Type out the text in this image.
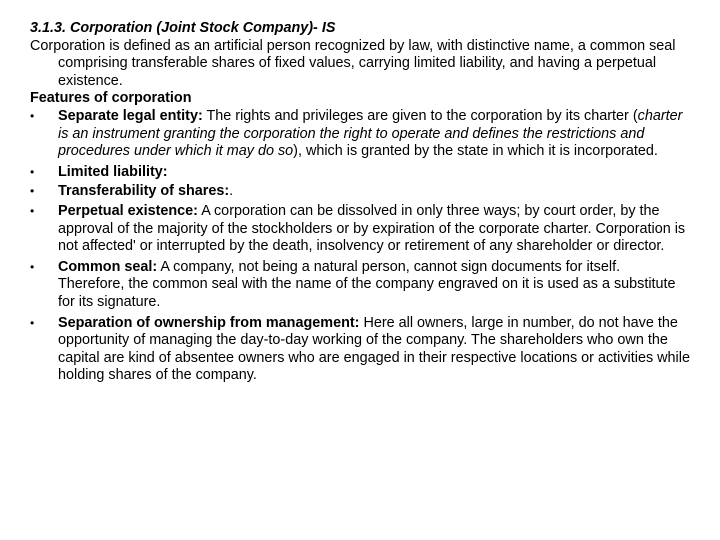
3.1.3. Corporation (Joint Stock Company)- IS

Corporation is defined as an artificial person recognized by law, with distinctive name, a common seal comprising transferable shares of fixed values, carrying limited liability, and having a perpetual existence.

Features of corporation

•	Separate legal entity: The rights and privileges are given to the corporation by its charter (charter is an instrument granting the corporation the right to operate and defines the restrictions and procedures under which it may do so), which is granted by the state in which it is incorporated.
•	Limited liability:
•	Transferability of shares:.
•	Perpetual existence: A corporation can be dissolved in only three ways; by court order, by the approval of the majority of the stockholders or by expiration of the corporate charter. Corporation is not affected' or interrupted by the death, insolvency or retirement of any shareholder or director.
•	Common seal: A company, not being a natural person, cannot sign documents for itself. Therefore, the common seal with the name of the company engraved on it is used as a substitute for its signature.
•	Separation of ownership from management: Here all owners, large in number, do not have the opportunity of managing the day-to-day working of the company. The shareholders who own the capital are kind of absentee owners who are engaged in their respective locations or activities while holding shares of the company.
